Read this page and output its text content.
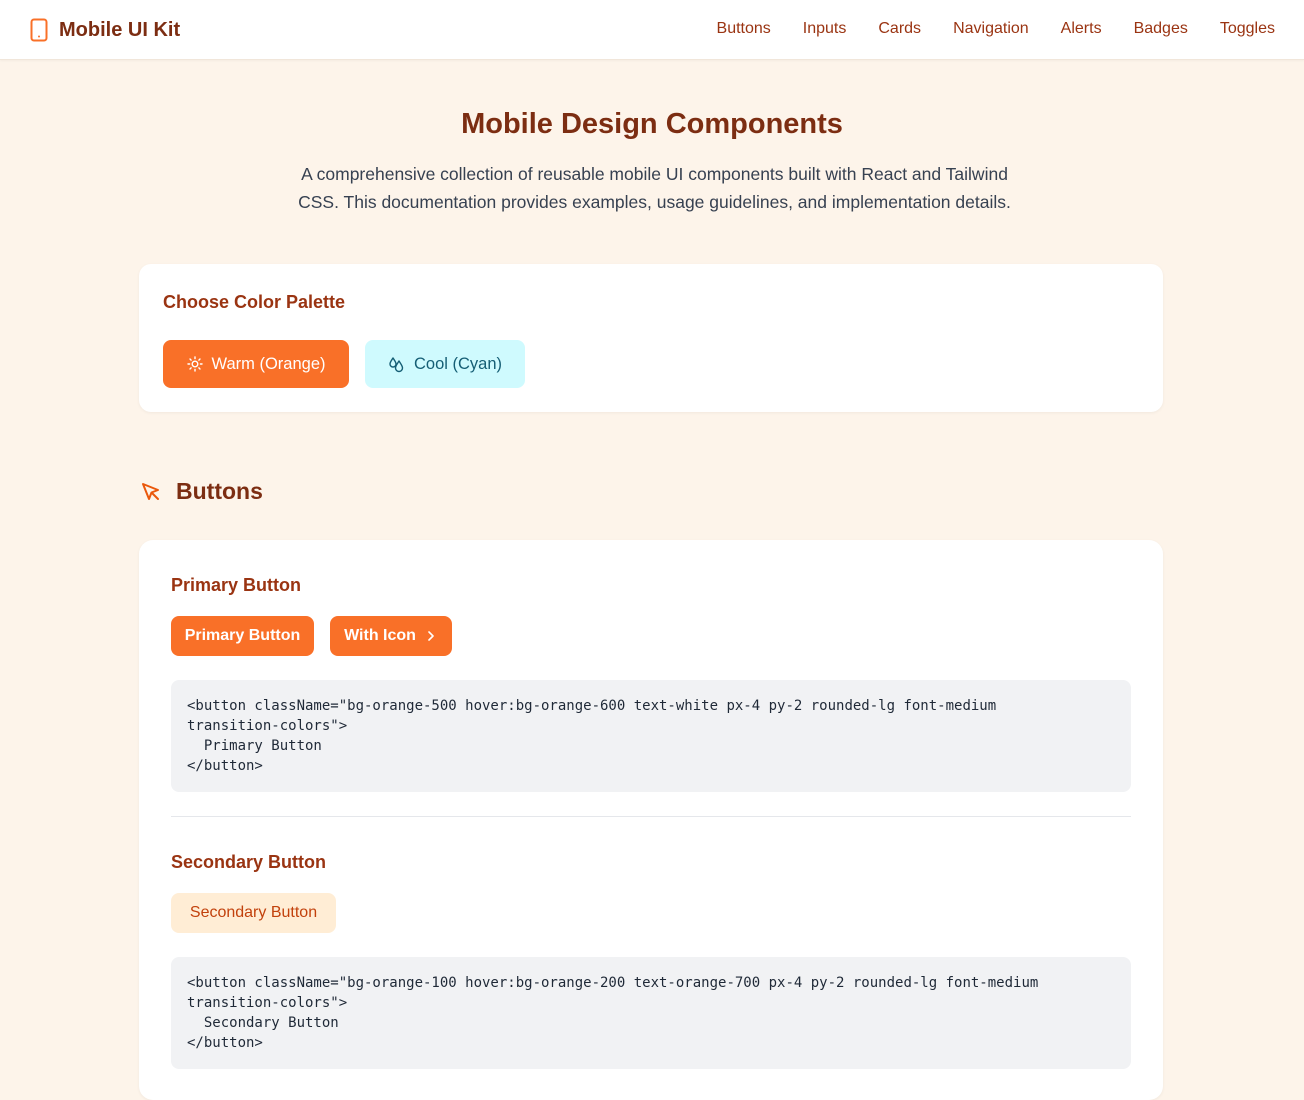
Mobile UI Kit	Buttons Inputs Cards Navigation Alerts Badges Toggles
Mobile Design Components

A comprehensive collection of reusable mobile UI components built with React and Tailwind CSS. This documentation provides examples, usage guidelines, and implementation details.

Choose Color Palette
Warm (Orange)	Cool (Cyan)
Buttons
Primary Button
Primary Button	With Icon
<button className="bg-orange-500 hover:bg-orange-600 text-white px-4 py-2 rounded-lg font-medium
transition-colors">
Primary Button
</button>
Secondary Button
Secondary Button
<button className="bg-orange-100 hover:bg-orange-200 text-orange-700 px-4 py-2 rounded-lg font-medium
transition-colors">
Secondary Button
</button>
